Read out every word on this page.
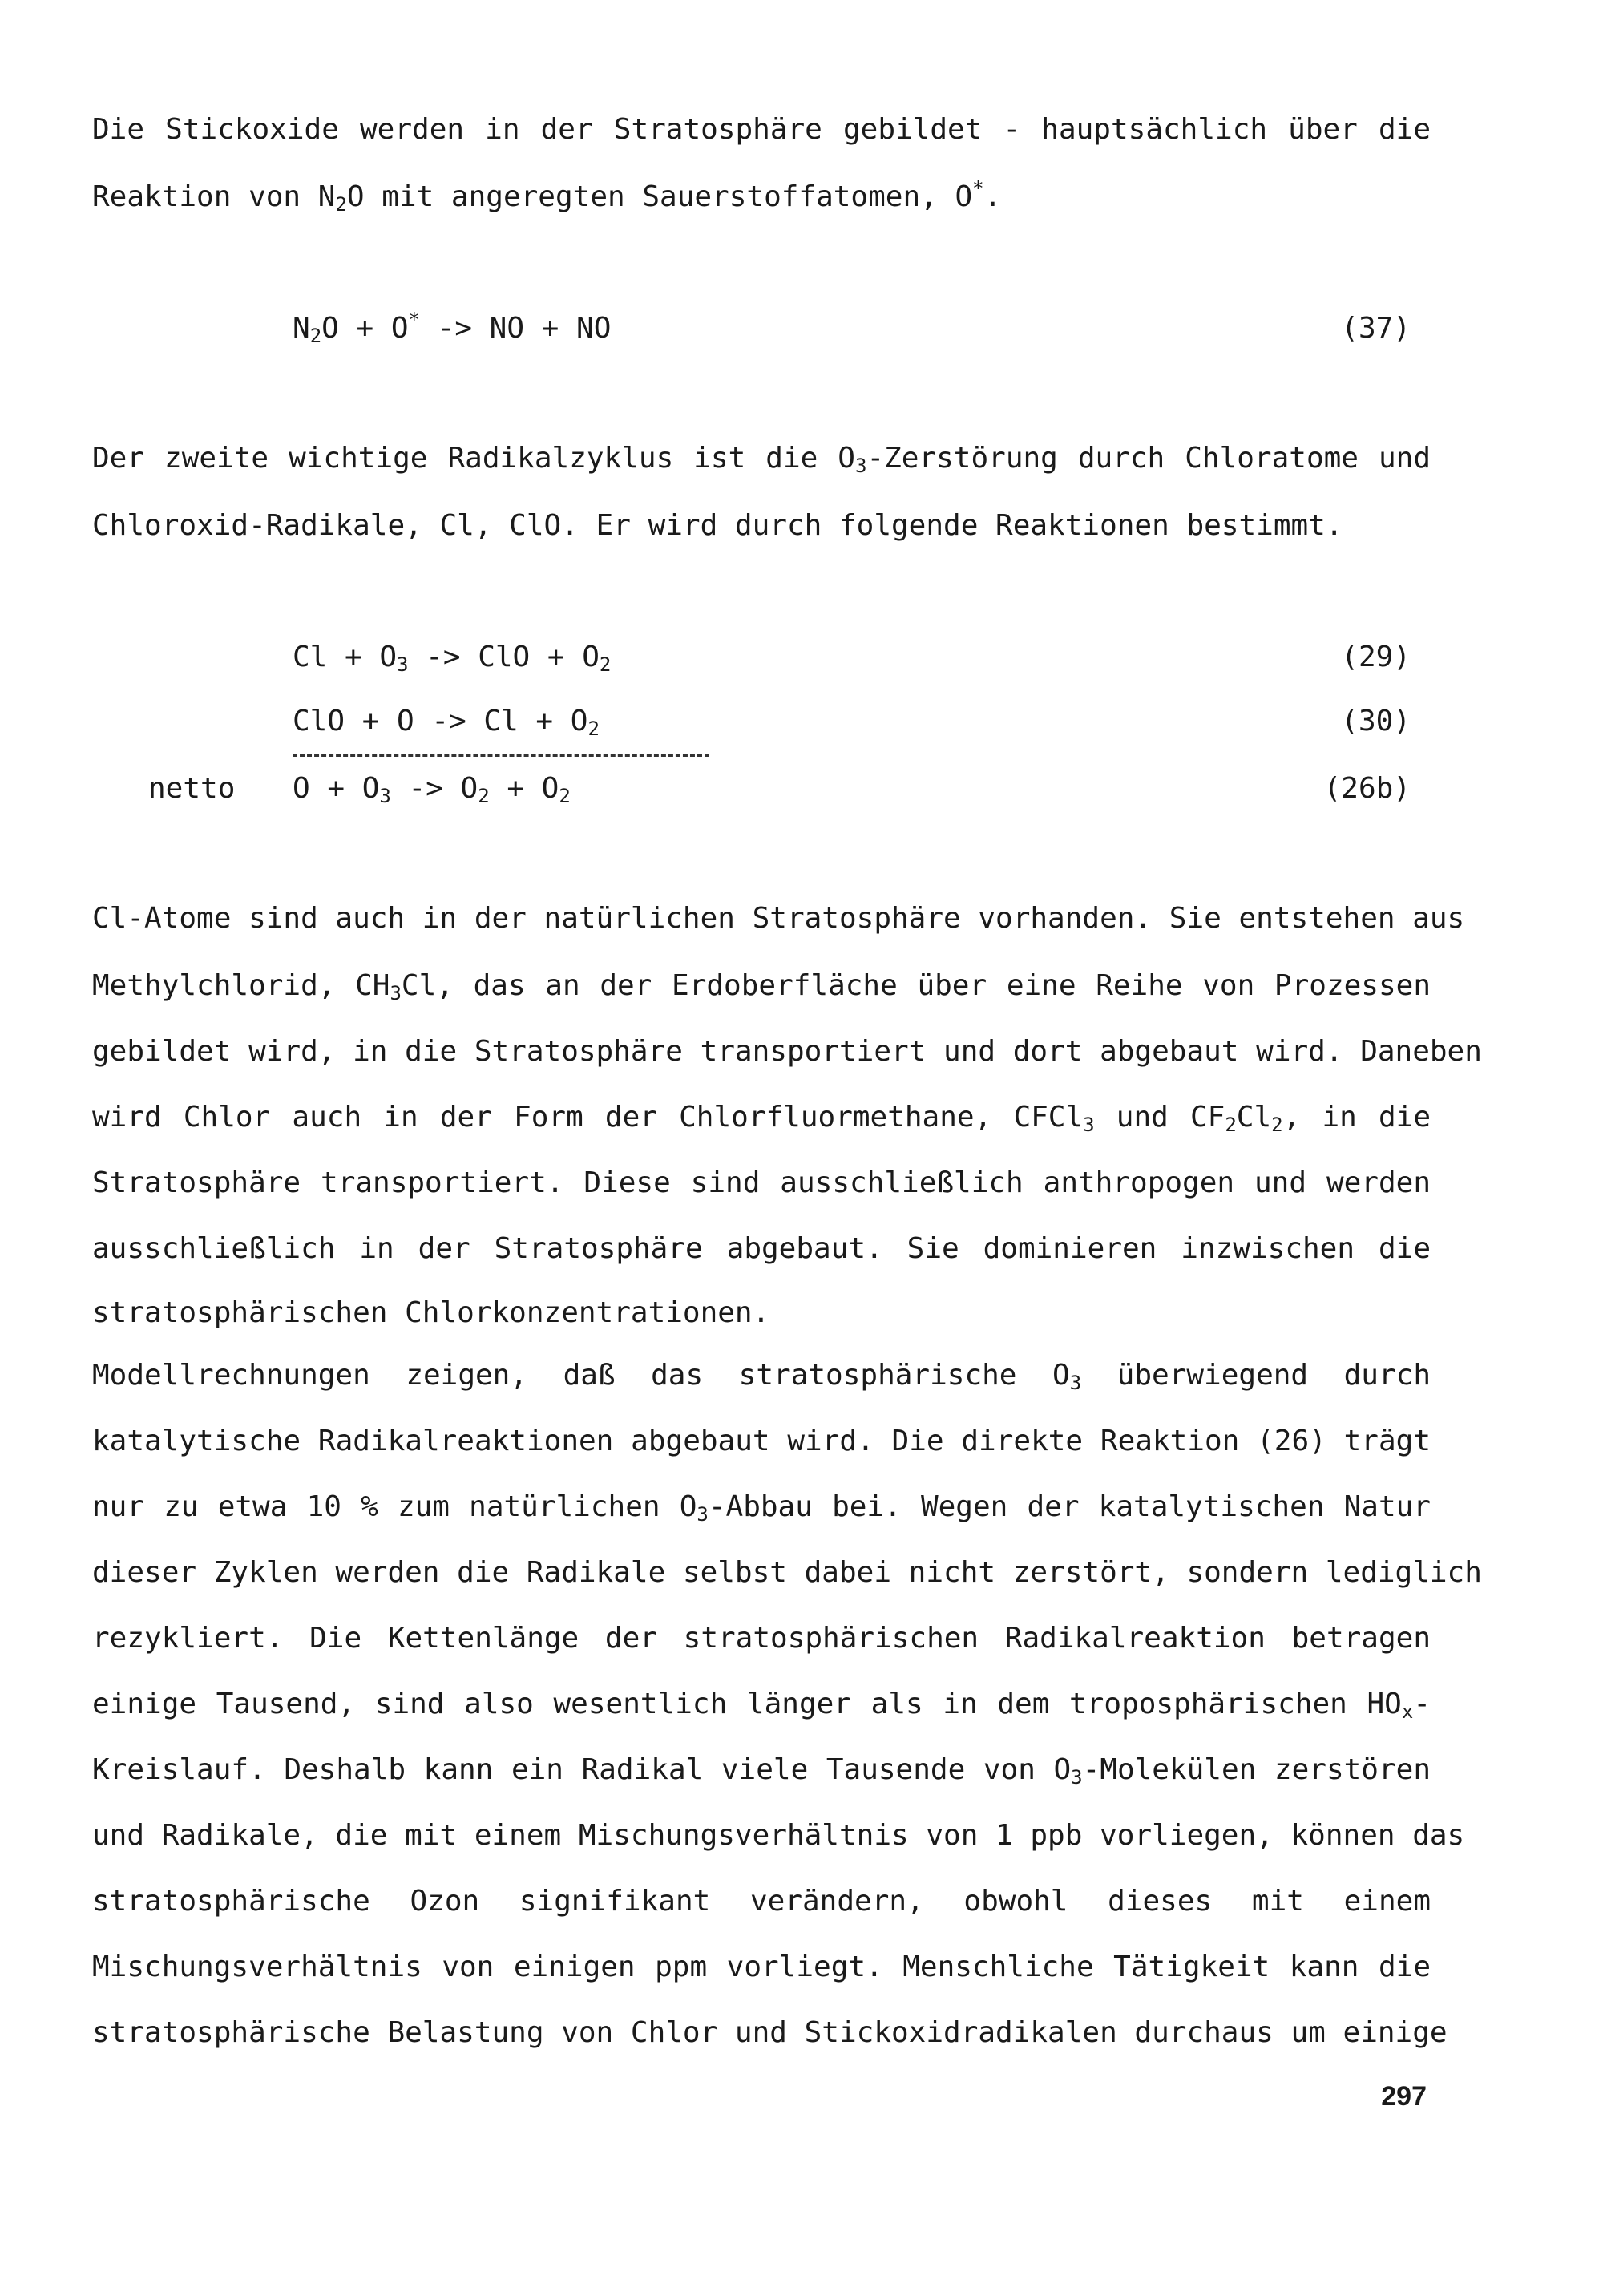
Die Stickoxide werden in der Stratosphäre gebildet - hauptsächlich über die
Reaktion von $N_2O$ mit angeregten Sauerstoffatomen, O*.
$N_2O + O^*$ -> NO + NO	(37)
Der zweite wichtige Radikalzyklus ist die $O_3$-Zerstörung durch Chloratome und
Chloroxid-Radikale, Cl, ClO. Er wird durch folgende Reaktionen bestimmt.
$Cl + O_3$ -> ClO + $O_2$	(29)
ClO + $O -> Cl + O_2$	(30)
netto $O + O_3 -> O_2 + O_2$	(26b)
Cl-Atome sind auch in der natürlichen Stratosphäre vorhanden. Sie entstehen aus
Methylchlorid, $CH_3Cl$, das an der Erdoberfläche über eine Reihe von Prozessen
gebildet wird, in die Stratosphäre transportiert und dort abgebaut wird. Daneben
wird Chlor auch in der Form der Chlorfluormethane, CFCl$_3$ und $CF_2Cl_2$, in die
Stratosphäre transportiert. Diese sind ausschließlich anthropogen und werden
ausschließlich in der Stratosphäre abgebaut. Sie dominieren inzwischen die
stratosphärischen Chlorkonzentrationen.
Modellrechnungen zeigen, daß das stratosphärische $O_3$ überwiegend durch
katalytische Radikalreaktionen abgebaut wird. Die direkte Reaktion (26) trägt
nur zu etwa 10 % zum natürlichen $O_3$-Abbau bei. Wegen der katalytischen Natur
dieser Zyklen werden die Radikale selbst dabei nicht zerstört, sondern lediglich
rezykliert. Die Kettenlänge der stratosphärischen Radikalreaktion betragen
einige Tausend, sind also wesentlich länger als in dem troposphärischen $HO_x-$
Kreislauf. Deshalb kann ein Radikal viele Tausende von $O_3$-Molekülen zerstören
und Radikale, die mit einem Mischungsverhältnis von 1 ppb vorliegen, können das
stratosphärische Ozon signifikant verändern, obwohl dieses mit einem
Mischungsverhältnis von einigen ppm vorliegt. Menschliche Tätigkeit kann die
stratosphärische Belastung von Chlor und Stickoxidradikalen durchaus um einige
297
